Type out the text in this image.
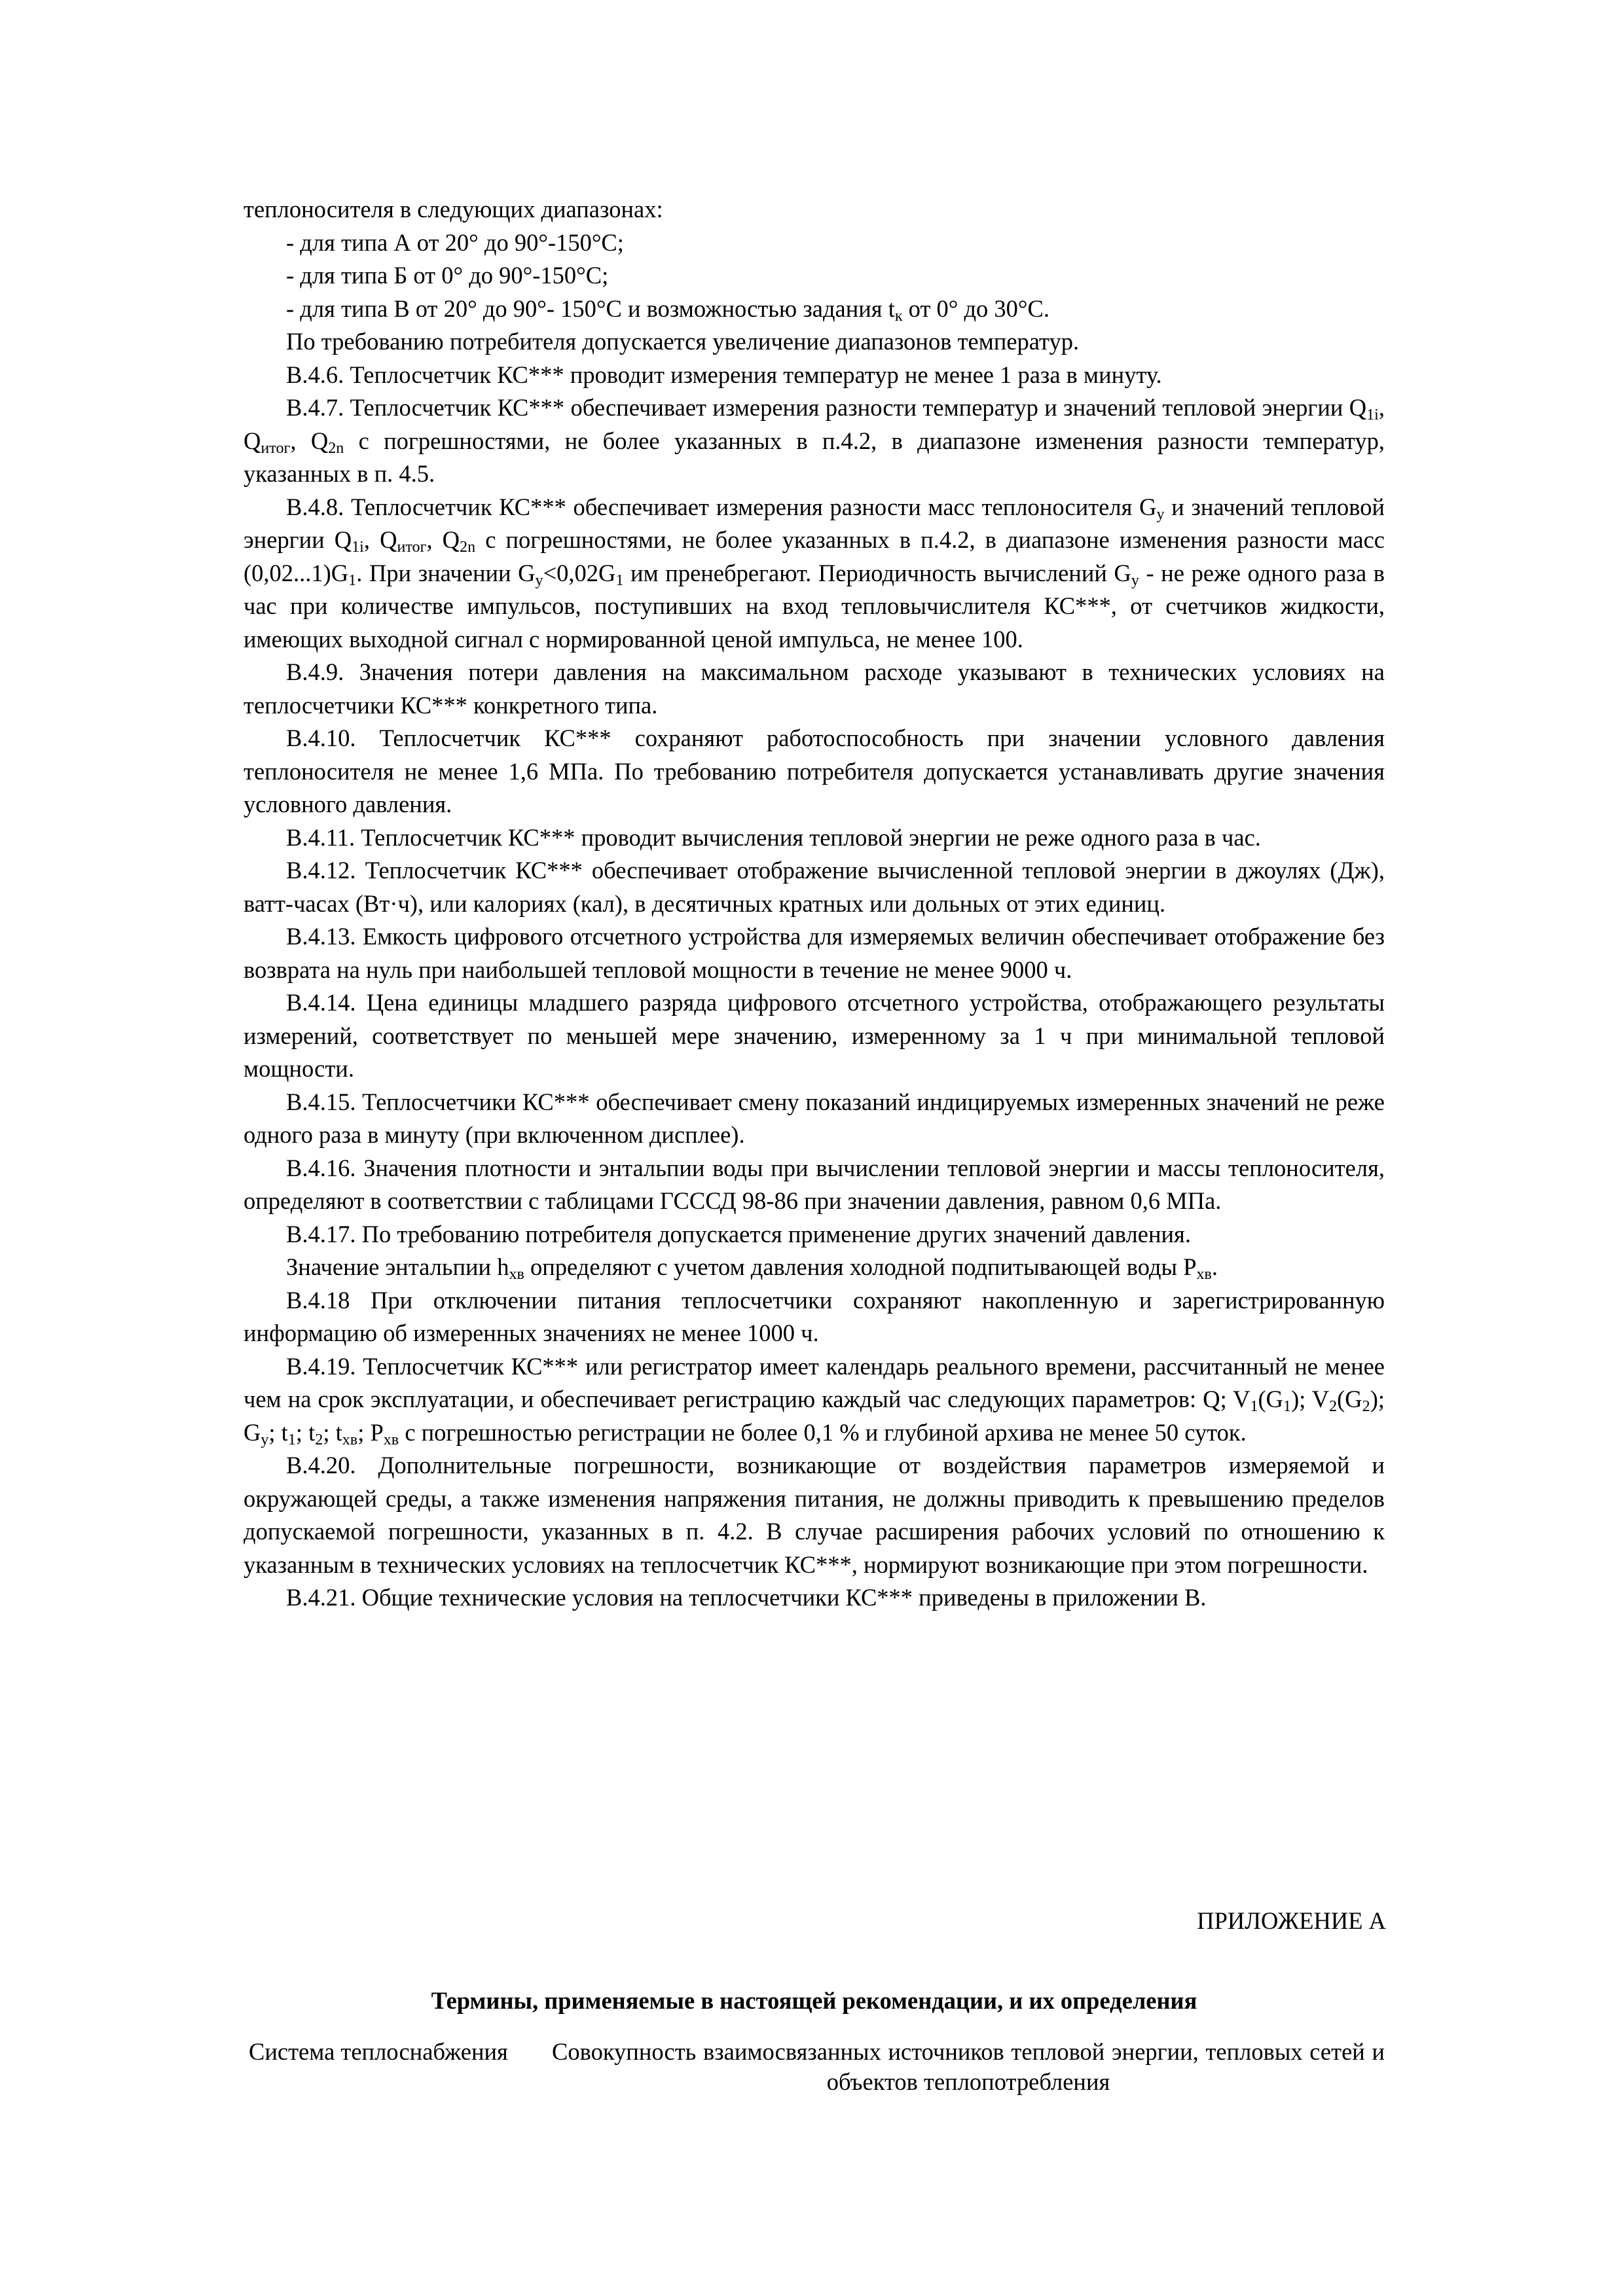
теплоносителя в следующих диапазонах:

- для типа А от 20° до 90°-150°С;

- для типа Б от 0° до 90°-150°С;

- для типа В от 20° до 90°- 150°С и возможностью задания $t_к$ от 0° до 30°С.

По требованию потребителя допускается увеличение диапазонов температур.

В.4.6. Теплосчетчик КС*** проводит измерения температур не менее 1 раза в минуту.

В.4.7. Теплосчетчик КС*** обеспечивает измерения разности температур и значений тепловой энергии $Q_{1i}$, $Q_{итог}$, $Q_{2n}$ с погрешностями, не более указанных в п.4.2, в диапазоне изменения разности температур, указанных в п. 4.5.

В.4.8. Теплосчетчик КС*** обеспечивает измерения разности масс теплоносителя $G_у$ и значений тепловой энергии $Q_{1i}$, $Q_{итог}$, $Q_{2n}$ с погрешностями, не более указанных в п.4.2, в диапазоне изменения разности масс $(0,02...1)G_1$. При значении $G_у<0,02G_1$ им пренебрегают. Периодичность вычислений $G_у$ - не реже одного раза в час при количестве импульсов, поступивших на вход тепловычислителя КС***, от счетчиков жидкости, имеющих выходной сигнал с нормированной ценой импульса, не менее 100.

В.4.9. Значения потери давления на максимальном расходе указывают в технических условиях на теплосчетчики КС*** конкретного типа.

В.4.10. Теплосчетчик КС*** сохраняют работоспособность при значении условного давления теплоносителя не менее 1,6 МПа. По требованию потребителя допускается устанавливать другие значения условного давления.

В.4.11. Теплосчетчик КС*** проводит вычисления тепловой энергии не реже одного раза в час.

В.4.12. Теплосчетчик КС*** обеспечивает отображение вычисленной тепловой энергии в джоулях (Дж), ватт-часах (Вт·ч), или калориях (кал), в десятичных кратных или дольных от этих единиц.

В.4.13. Емкость цифрового отсчетного устройства для измеряемых величин обеспечивает отображение без возврата на нуль при наибольшей тепловой мощности в течение не менее 9000 ч.

В.4.14. Цена единицы младшего разряда цифрового отсчетного устройства, отображающего результаты измерений, соответствует по меньшей мере значению, измеренному за 1 ч при минимальной тепловой мощности.

В.4.15. Теплосчетчики КС*** обеспечивает смену показаний индицируемых измеренных значений не реже одного раза в минуту (при включенном дисплее).

В.4.16. Значения плотности и энтальпии воды при вычислении тепловой энергии и массы теплоносителя, определяют в соответствии с таблицами ГСССД 98-86 при значении давления, равном 0,6 МПа.

В.4.17. По требованию потребителя допускается применение других значений давления.

Значение энтальпии $h_{хв}$ определяют с учетом давления холодной подпитывающей воды $P_{хв}$.

В.4.18 При отключении питания теплосчетчики сохраняют накопленную и зарегистрированную информацию об измеренных значениях не менее 1000 ч.

В.4.19. Теплосчетчик КС*** или регистратор имеет календарь реального времени, рассчитанный не менее чем на срок эксплуатации, и обеспечивает регистрацию каждый час следующих параметров: Q; $V_1(G_1)$; $V_2(G_2)$; $G_у$; $t_1$; $t_2$; $t_{хв}$; $P_{хв}$ с погрешностью регистрации не более 0,1 % и глубиной архива не менее 50 суток.

В.4.20. Дополнительные погрешности, возникающие от воздействия параметров измеряемой и окружающей среды, а также изменения напряжения питания, не должны приводить к превышению пределов допускаемой погрешности, указанных в п. 4.2. В случае расширения рабочих условий по отношению к указанным в технических условиях на теплосчетчик КС***, нормируют возникающие при этом погрешности.

В.4.21. Общие технические условия на теплосчетчики КС*** приведены в приложении В.

ПРИЛОЖЕНИЕ А
Термины, применяемые в настоящей рекомендации, и их определения
Система теплоснабжения	Совокупность взаимосвязанных источников тепловой энергии, тепловых сетей и объектов теплопотребления
